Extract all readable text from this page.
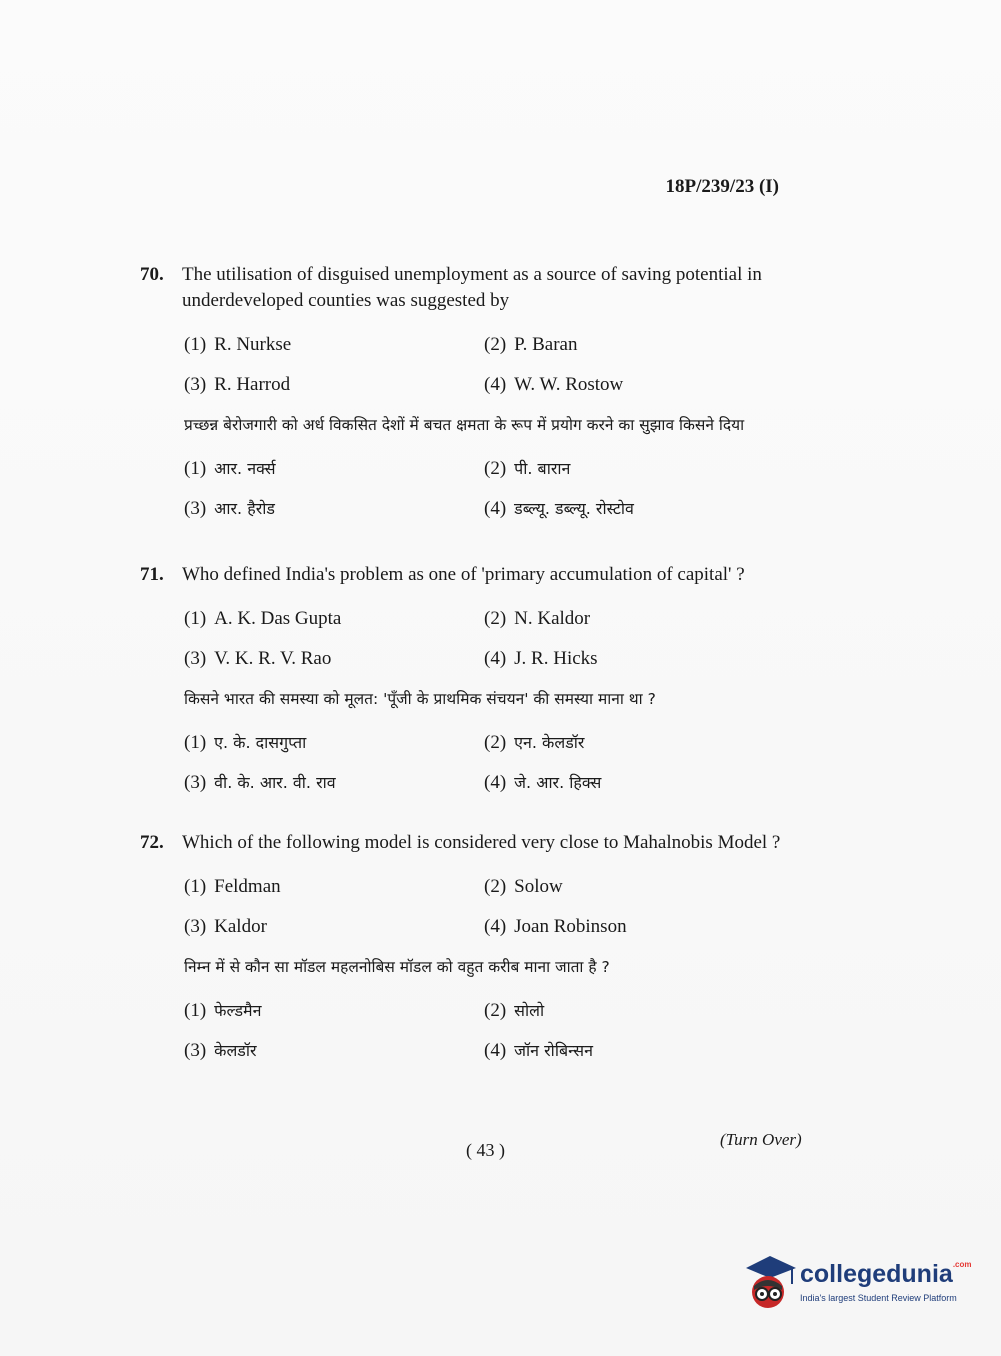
18P/239/23 (I)
70. The utilisation of disguised unemployment as a source of saving potential in underdeveloped counties was suggested by
(1) R. Nurkse	(2) P. Baran
(3) R. Harrod	(4) W. W. Rostow
प्रच्छन्न बेरोजगारी को अर्ध विकसित देशों में बचत क्षमता के रूप में प्रयोग करने का सुझाव किसने दिया
(1) आर. नर्क्स	(2) पी. बारान
(3) आर. हैरोड	(4) डब्ल्यू. डब्ल्यू. रोस्टोव
71. Who defined India's problem as one of 'primary accumulation of capital' ?
(1) A. K. Das Gupta	(2) N. Kaldor
(3) V. K. R. V. Rao	(4) J. R. Hicks
किसने भारत की समस्या को मूलत: 'पूँजी के प्राथमिक संचयन' की समस्या माना था ?
(1) ए. के. दासगुप्ता	(2) एन. केलडॉर
(3) वी. के. आर. वी. राव	(4) जे. आर. हिक्स
72. Which of the following model is considered very close to Mahalnobis Model ?
(1) Feldman	(2) Solow
(3) Kaldor	(4) Joan Robinson
निम्न में से कौन सा मॉडल महलनोबिस मॉडल को वहुत करीब माना जाता है ?
(1) फेल्डमैन	(2) सोलो
(3) केलडॉर	(4) जॉन रोबिन्सन
( 43 )
(Turn Over)
collegedunia$^{.com}$
India's largest Student Review Platform
